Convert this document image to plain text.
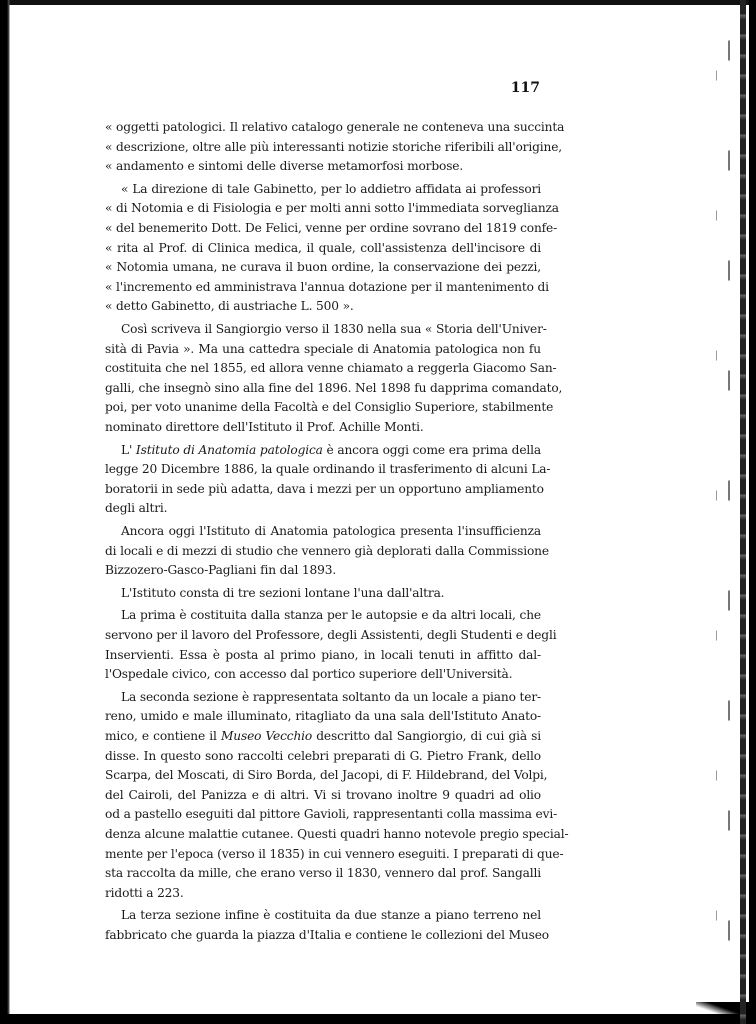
117
« oggetti patologici. Il relativo catalogo generale ne conteneva una succinta
« descrizione, oltre alle più interessanti notizie storiche riferibili all'origine,
« andamento e sintomi delle diverse metamorfosi morbose.
« La direzione di tale Gabinetto, per lo addietro affidata ai professori
« di Notomia e di Fisiologia e per molti anni sotto l'immediata sorveglianza
« del benemerito Dott. De Felici, venne per ordine sovrano del 1819 confe-
« rita al Prof. di Clinica medica, il quale, coll'assistenza dell'incisore di
« Notomia umana, ne curava il buon ordine, la conservazione dei pezzi,
« l'incremento ed amministrava l'annua dotazione per il mantenimento di
« detto Gabinetto, di austriache L. 500 ».
Così scriveva il Sangiorgio verso il 1830 nella sua « Storia dell'Univer-
sità di Pavia ». Ma una cattedra speciale di Anatomia patologica non fu
costituita che nel 1855, ed allora venne chiamato a reggerla Giacomo San-
galli, che insegnò sino alla fine del 1896. Nel 1898 fu dapprima comandato,
poi, per voto unanime della Facoltà e del Consiglio Superiore, stabilmente
nominato direttore dell'Istituto il Prof. Achille Monti.
L' Istituto di Anatomia patologica è ancora oggi come era prima della
legge 20 Dicembre 1886, la quale ordinando il trasferimento di alcuni La-
boratorii in sede più adatta, dava i mezzi per un opportuno ampliamento
degli altri.
Ancora oggi l'Istituto di Anatomia patologica presenta l'insufficienza
di locali e di mezzi di studio che vennero già deplorati dalla Commissione
Bizzozero-Gasco-Pagliani fin dal 1893.
L'Istituto consta di tre sezioni lontane l'una dall'altra.
La prima è costituita dalla stanza per le autopsie e da altri locali, che
servono per il lavoro del Professore, degli Assistenti, degli Studenti e degli
Inservienti. Essa è posta al primo piano, in locali tenuti in affitto dal-
l'Ospedale civico, con accesso dal portico superiore dell'Università.
La seconda sezione è rappresentata soltanto da un locale a piano ter-
reno, umido e male illuminato, ritagliato da una sala dell'Istituto Anato-
mico, e contiene il Museo Vecchio descritto dal Sangiorgio, di cui già si
disse. In questo sono raccolti celebri preparati di G. Pietro Frank, dello
Scarpa, del Moscati, di Siro Borda, del Jacopi, di F. Hildebrand, del Volpi,
del Cairoli, del Panizza e di altri. Vi si trovano inoltre 9 quadri ad olio
od a pastello eseguiti dal pittore Gavioli, rappresentanti colla massima evi-
denza alcune malattie cutanee. Questi quadri hanno notevole pregio special-
mente per l'epoca (verso il 1835) in cui vennero eseguiti. I preparati di que-
sta raccolta da mille, che erano verso il 1830, vennero dal prof. Sangalli
ridotti a 223.
La terza sezione infine è costituita da due stanze a piano terreno nel
fabbricato che guarda la piazza d'Italia e contiene le collezioni del Museo
